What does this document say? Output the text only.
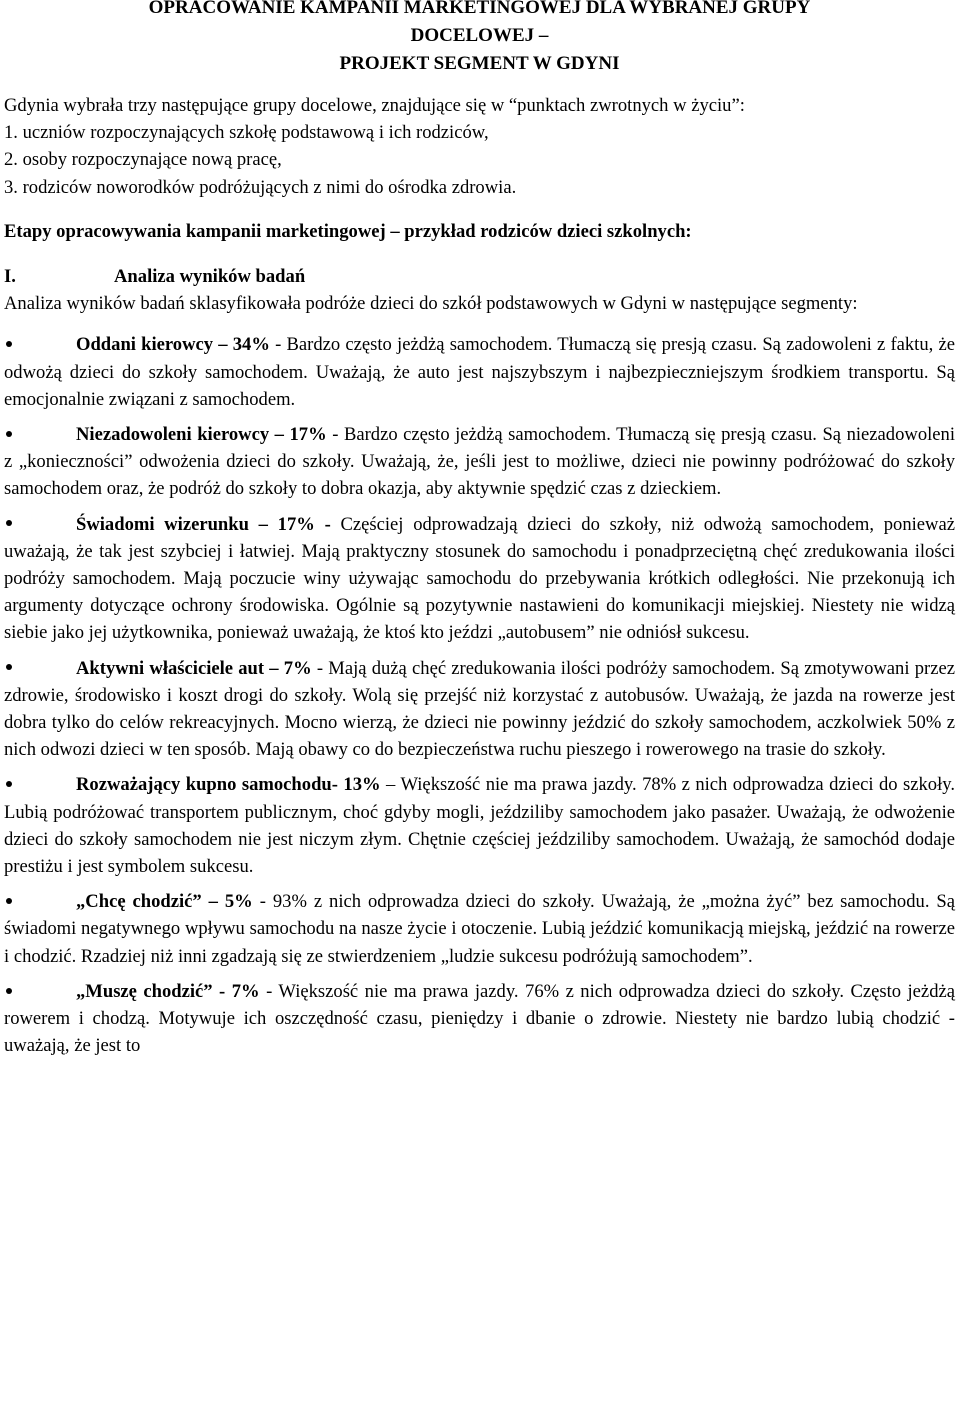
OPRACOWANIE KAMPANII MARKETINGOWEJ DLA WYBRANEJ GRUPY
DOCELOWEJ –
PROJEKT SEGMENT W GDYNI
Gdynia wybrała trzy następujące grupy docelowe, znajdujące się w “punktach zwrotnych w życiu”:
1. uczniów rozpoczynających szkołę podstawową i ich rodziców,
2. osoby rozpoczynające nową pracę,
3. rodziców noworodków podróżujących z nimi do ośrodka zdrowia.
Etapy opracowywania kampanii marketingowej – przykład rodziców dzieci szkolnych:
I.	Analiza wyników badań
Analiza wyników badań sklasyfikowała podróże dzieci do szkół podstawowych w Gdyni w następujące segmenty:
Oddani kierowcy – 34% - Bardzo często jeżdżą samochodem. Tłumaczą się presją czasu. Są zadowoleni z faktu, że odwożą dzieci do szkoły samochodem. Uważają, że auto jest najszybszym i najbezpieczniejszym środkiem transportu. Są emocjonalnie związani z samochodem.
Niezadowoleni kierowcy – 17% - Bardzo często jeżdżą samochodem. Tłumaczą się presją czasu. Są niezadowoleni z „konieczności” odwożenia dzieci do szkoły. Uważają, że, jeśli jest to możliwe, dzieci nie powinny podróżować do szkoły samochodem oraz, że podróż do szkoły to dobra okazja, aby aktywnie spędzić czas z dzieckiem.
Świadomi wizerunku – 17% - Częściej odprowadzają dzieci do szkoły, niż odwożą samochodem, ponieważ uważają, że tak jest szybciej i łatwiej. Mają praktyczny stosunek do samochodu i ponadprzeciętną chęć zredukowania ilości podróży samochodem. Mają poczucie winy używając samochodu do przebywania krótkich odległości. Nie przekonują ich argumenty dotyczące ochrony środowiska. Ogólnie są pozytywnie nastawieni do komunikacji miejskiej. Niestety nie widzą siebie jako jej użytkownika, ponieważ uważają, że ktoś kto jeździ „autobusem” nie odniósł sukcesu.
Aktywni właściciele aut – 7% - Mają dużą chęć zredukowania ilości podróży samochodem. Są zmotywowani przez zdrowie, środowisko i koszt drogi do szkoły. Wolą się przejść niż korzystać z autobusów. Uważają, że jazda na rowerze jest dobra tylko do celów rekreacyjnych. Mocno wierzą, że dzieci nie powinny jeździć do szkoły samochodem, aczkolwiek 50% z nich odwozi dzieci w ten sposób. Mają obawy co do bezpieczeństwa ruchu pieszego i rowerowego na trasie do szkoły.
Rozważający kupno samochodu- 13% – Większość nie ma prawa jazdy. 78% z nich odprowadza dzieci do szkoły. Lubią podróżować transportem publicznym, choć gdyby mogli, jeździliby samochodem jako pasażer. Uważają, że odwożenie dzieci do szkoły samochodem nie jest niczym złym. Chętnie częściej jeździliby samochodem. Uważają, że samochód dodaje prestiżu i jest symbolem sukcesu.
„Chcę chodzić” – 5% - 93% z nich odprowadza dzieci do szkoły. Uważają, że „można żyć” bez samochodu. Są świadomi negatywnego wpływu samochodu na nasze życie i otoczenie. Lubią jeździć komunikacją miejską, jeździć na rowerze i chodzić. Rzadziej niż inni zgadzają się ze stwierdzeniem „ludzie sukcesu podróżują samochodem”.
„Muszę chodzić” - 7% - Większość nie ma prawa jazdy. 76% z nich odprowadza dzieci do szkoły. Często jeżdżą rowerem i chodzą. Motywuje ich oszczędność czasu, pieniędzy i dbanie o zdrowie. Niestety nie bardzo lubią chodzić - uważają, że jest to
